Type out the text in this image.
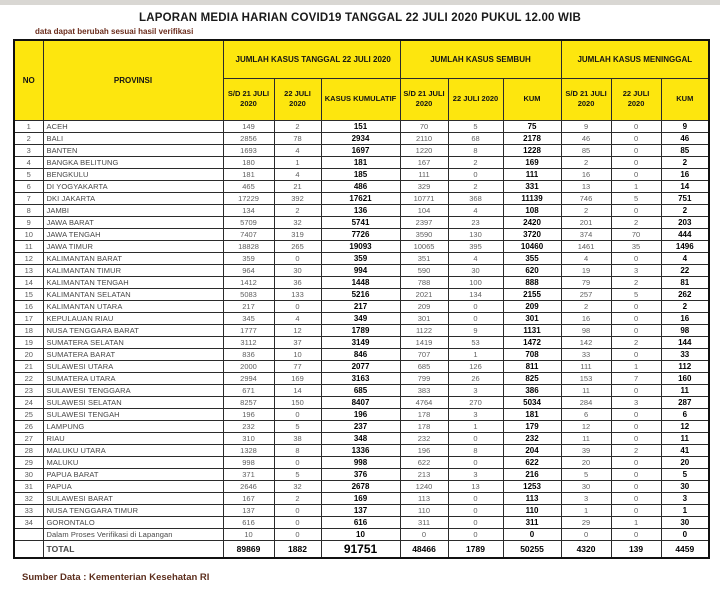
LAPORAN MEDIA HARIAN COVID19 TANGGAL 22 JULI 2020 PUKUL 12.00 WIB
data dapat berubah sesuai hasil verifikasi
NO	PROVINSI	JUMLAH KASUS TANGGAL 22 JULI 2020			JUMLAH KASUS SEMBUH			JUMLAH KASUS MENINGGAL		
		S/D 21 JULI 2020	22 JULI 2020	KASUS KUMULATIF	S/D 21 JULI 2020	22 JULI 2020	KUM	S/D 21 JULI 2020	22 JULI 2020	KUM
1	ACEH	149	2	151	70	5	75	9	0	9
2	BALI	2856	78	2934	2110	68	2178	46	0	46
3	BANTEN	1693	4	1697	1220	8	1228	85	0	85
4	BANGKA BELITUNG	180	1	181	167	2	169	2	0	2
5	BENGKULU	181	4	185	111	0	111	16	0	16
6	DI YOGYAKARTA	465	21	486	329	2	331	13	1	14
7	DKI JAKARTA	17229	392	17621	10771	368	11139	746	5	751
8	JAMBI	134	2	136	104	4	108	2	0	2
9	JAWA BARAT	5709	32	5741	2397	23	2420	201	2	203
10	JAWA TENGAH	7407	319	7726	3590	130	3720	374	70	444
11	JAWA TIMUR	18828	265	19093	10065	395	10460	1461	35	1496
12	KALIMANTAN BARAT	359	0	359	351	4	355	4	0	4
13	KALIMANTAN TIMUR	964	30	994	590	30	620	19	3	22
14	KALIMANTAN TENGAH	1412	36	1448	788	100	888	79	2	81
15	KALIMANTAN SELATAN	5083	133	5216	2021	134	2155	257	5	262
16	KALIMANTAN UTARA	217	0	217	209	0	209	2	0	2
17	KEPULAUAN RIAU	345	4	349	301	0	301	16	0	16
18	NUSA TENGGARA BARAT	1777	12	1789	1122	9	1131	98	0	98
19	SUMATERA SELATAN	3112	37	3149	1419	53	1472	142	2	144
20	SUMATERA BARAT	836	10	846	707	1	708	33	0	33
21	SULAWESI UTARA	2000	77	2077	685	126	811	111	1	112
22	SUMATERA UTARA	2994	169	3163	799	26	825	153	7	160
23	SULAWESI TENGGARA	671	14	685	383	3	386	11	0	11
24	SULAWESI SELATAN	8257	150	8407	4764	270	5034	284	3	287
25	SULAWESI TENGAH	196	0	196	178	3	181	6	0	6
26	LAMPUNG	232	5	237	178	1	179	12	0	12
27	RIAU	310	38	348	232	0	232	11	0	11
28	MALUKU UTARA	1328	8	1336	196	8	204	39	2	41
29	MALUKU	998	0	998	622	0	622	20	0	20
30	PAPUA BARAT	371	5	376	213	3	216	5	0	5
31	PAPUA	2646	32	2678	1240	13	1253	30	0	30
32	SULAWESI BARAT	167	2	169	113	0	113	3	0	3
33	NUSA TENGGARA TIMUR	137	0	137	110	0	110	1	0	1
34	GORONTALO	616	0	616	311	0	311	29	1	30
	Dalam Proses Verifikasi di Lapangan	10	0	10	0	0	0	0	0	0
	TOTAL	89869	1882	91751	48466	1789	50255	4320	139	4459
Sumber Data : Kementerian Kesehatan RI
